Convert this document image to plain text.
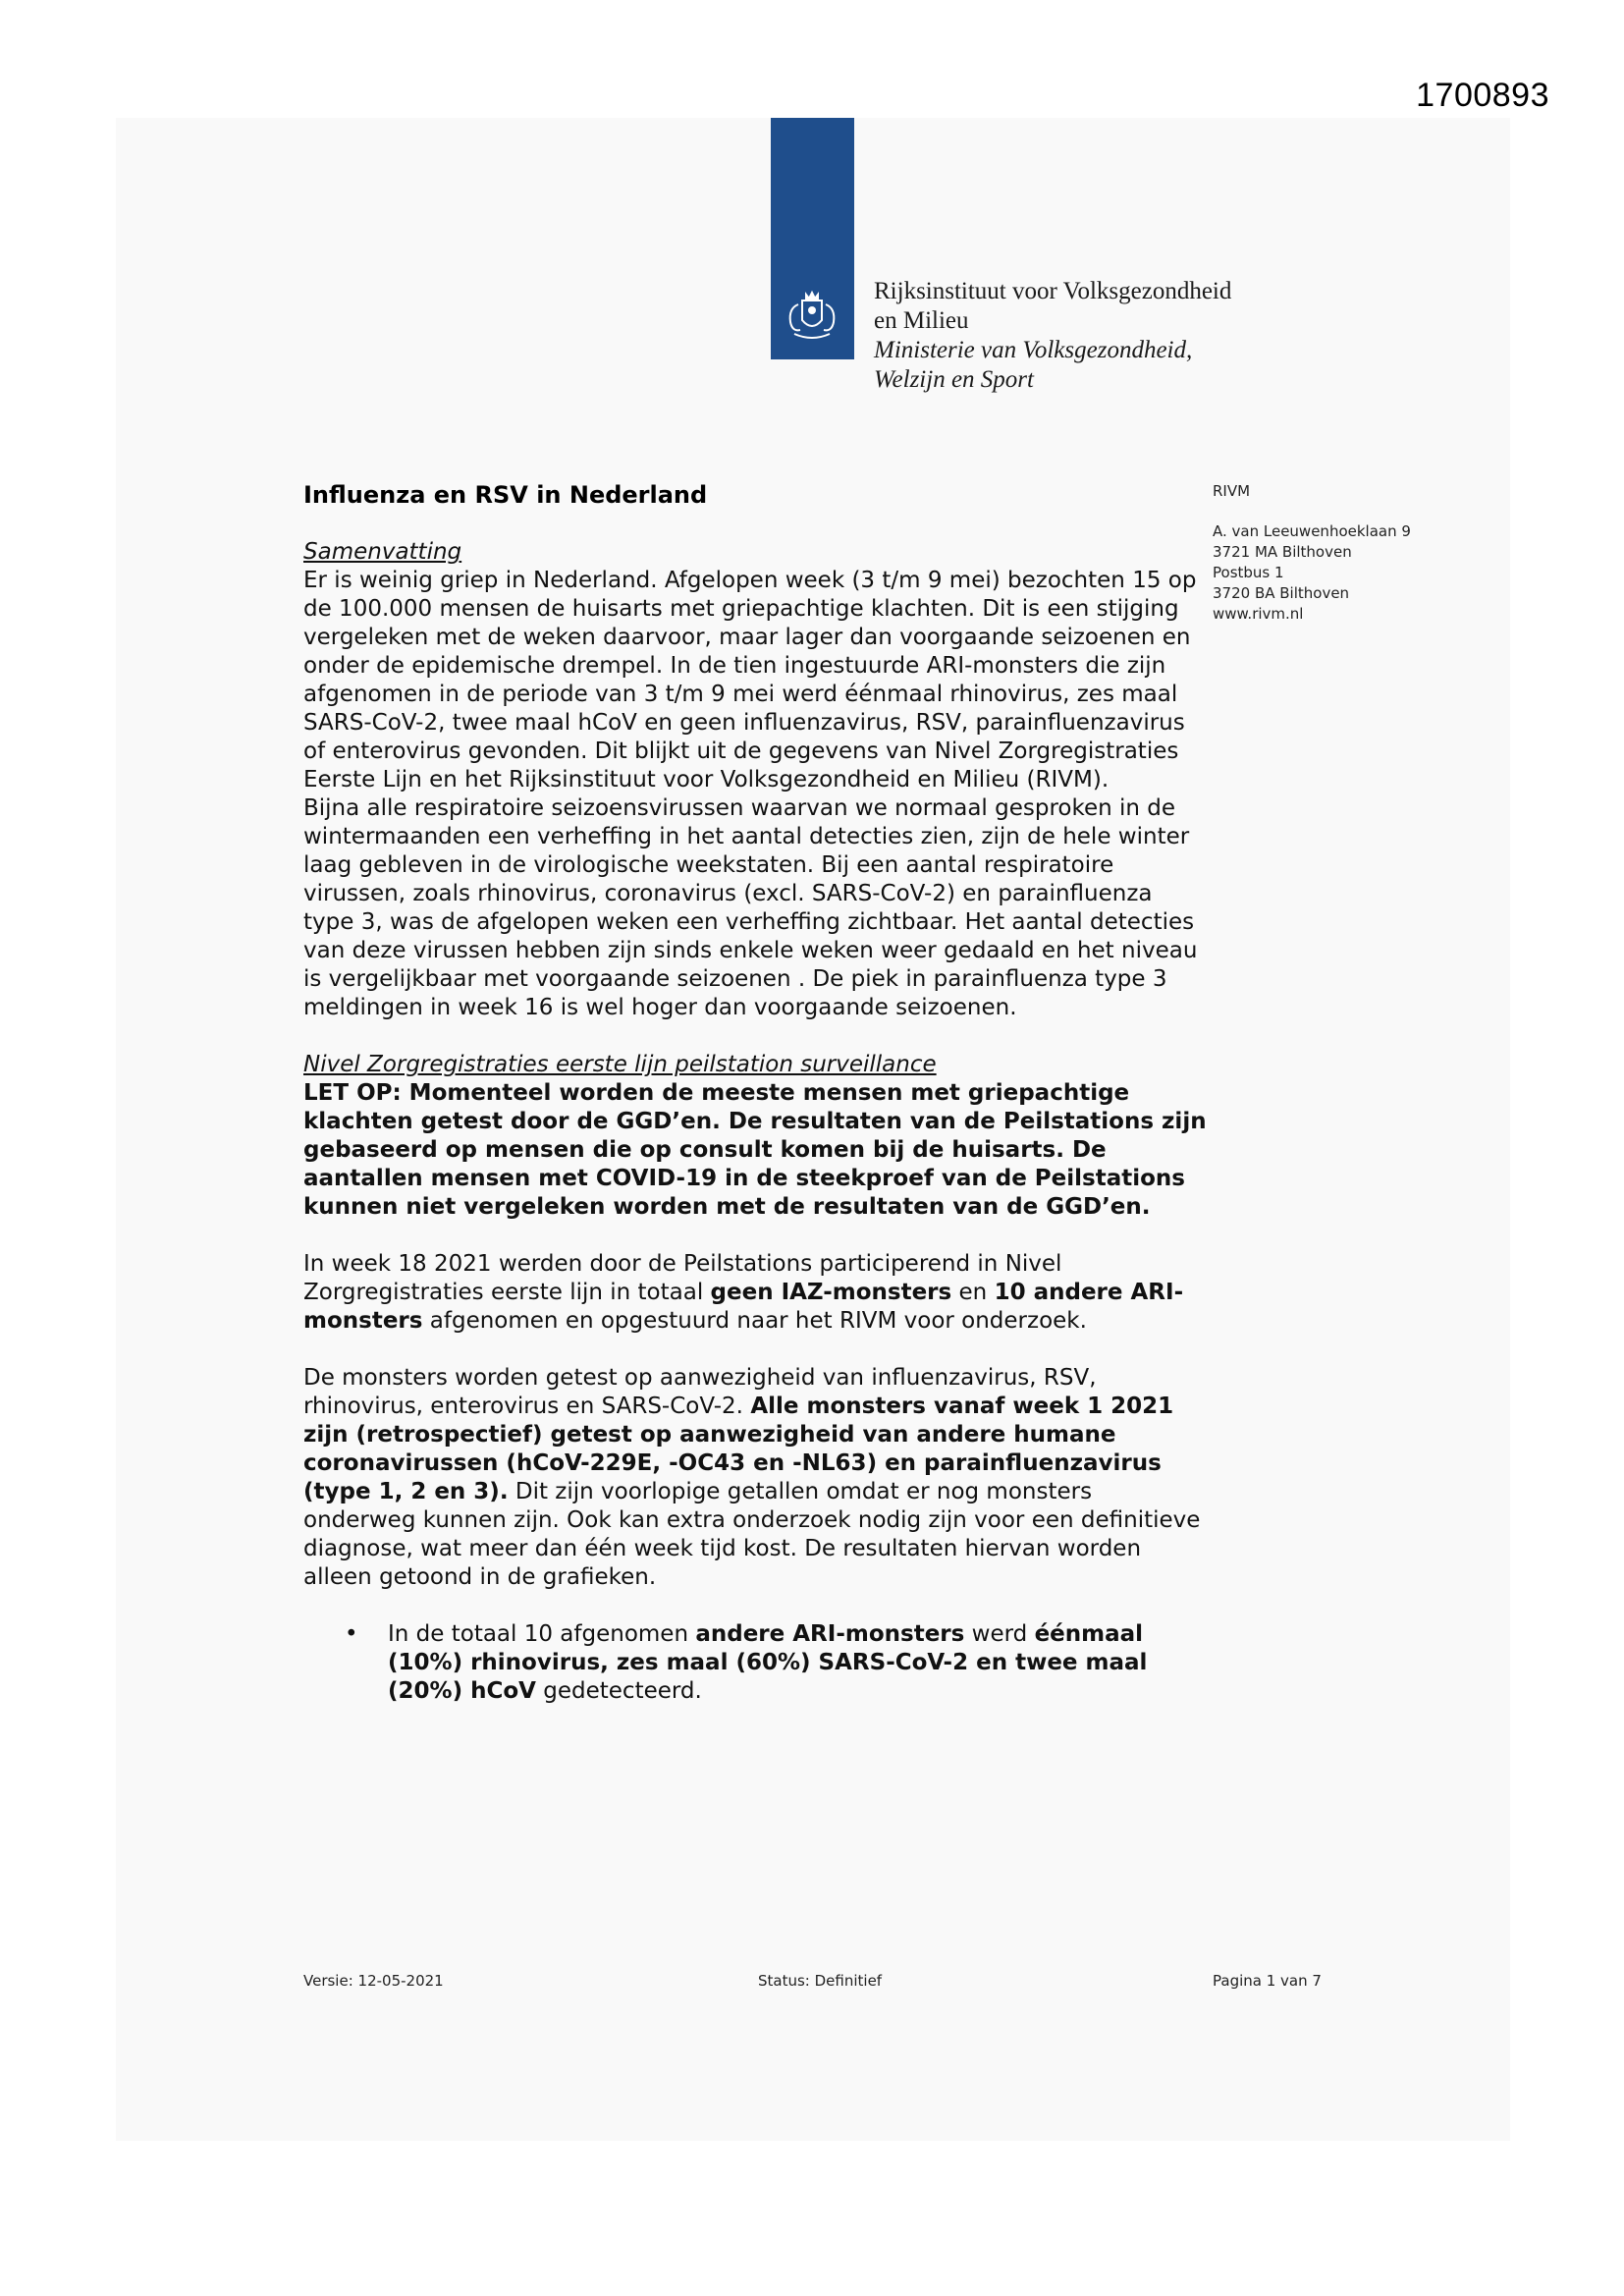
1700893
Rijksinstituut voor Volksgezondheid
en Milieu
Ministerie van Volksgezondheid,
Welzijn en Sport
Influenza en RSV in Nederland	RIVM
A. van Leeuwenhoeklaan 9
3721 MA Bilthoven
Postbus 1
3720 BA Bilthoven
www.rivm.nl

Samenvatting

Er is weinig griep in Nederland. Afgelopen week (3 t/m 9 mei) bezochten 15 op de 100.000 mensen de huisarts met griepachtige klachten. Dit is een stijging vergeleken met de weken daarvoor, maar lager dan voorgaande seizoenen en onder de epidemische drempel. In de tien ingestuurde ARI-monsters die zijn afgenomen in de periode van 3 t/m 9 mei werd éénmaal rhinovirus, zes maal SARS-CoV-2, twee maal hCoV en geen influenzavirus, RSV, parainfluenzavirus of enterovirus gevonden. Dit blijkt uit de gegevens van Nivel Zorgregistraties Eerste Lijn en het Rijksinstituut voor Volksgezondheid en Milieu (RIVM).

Bijna alle respiratoire seizoensvirussen waarvan we normaal gesproken in de wintermaanden een verheffing in het aantal detecties zien, zijn de hele winter laag gebleven in de virologische weekstaten. Bij een aantal respiratoire virussen, zoals rhinovirus, coronavirus (excl. SARS-CoV-2) en parainfluenza type 3, was de afgelopen weken een verheffing zichtbaar. Het aantal detecties van deze virussen hebben zijn sinds enkele weken weer gedaald en het niveau is vergelijkbaar met voorgaande seizoenen . De piek in parainfluenza type 3 meldingen in week 16 is wel hoger dan voorgaande seizoenen.

Nivel Zorgregistraties eerste lijn peilstation surveillance

LET OP: Momenteel worden de meeste mensen met griepachtige klachten getest door de GGD’en. De resultaten van de Peilstations zijn gebaseerd op mensen die op consult komen bij de huisarts. De aantallen mensen met COVID-19 in de steekproef van de Peilstations kunnen niet vergeleken worden met de resultaten van de GGD’en.

In week 18 2021 werden door de Peilstations participerend in Nivel Zorgregistraties eerste lijn in totaal geen IAZ-monsters en 10 andere ARI-monsters afgenomen en opgestuurd naar het RIVM voor onderzoek.

De monsters worden getest op aanwezigheid van influenzavirus, RSV, rhinovirus, enterovirus en SARS-CoV-2. Alle monsters vanaf week 1 2021 zijn (retrospectief) getest op aanwezigheid van andere humane coronavirussen (hCoV-229E, -OC43 en -NL63) en parainfluenzavirus (type 1, 2 en 3). Dit zijn voorlopige getallen omdat er nog monsters onderweg kunnen zijn. Ook kan extra onderzoek nodig zijn voor een definitieve diagnose, wat meer dan één week tijd kost. De resultaten hiervan worden alleen getoond in de grafieken.

• In de totaal 10 afgenomen andere ARI-monsters werd éénmaal (10%) rhinovirus, zes maal (60%) SARS-CoV-2 en twee maal (20%) hCoV gedetecteerd.
Versie: 12-05-2021	Status: Definitief	Pagina 1 van 7
